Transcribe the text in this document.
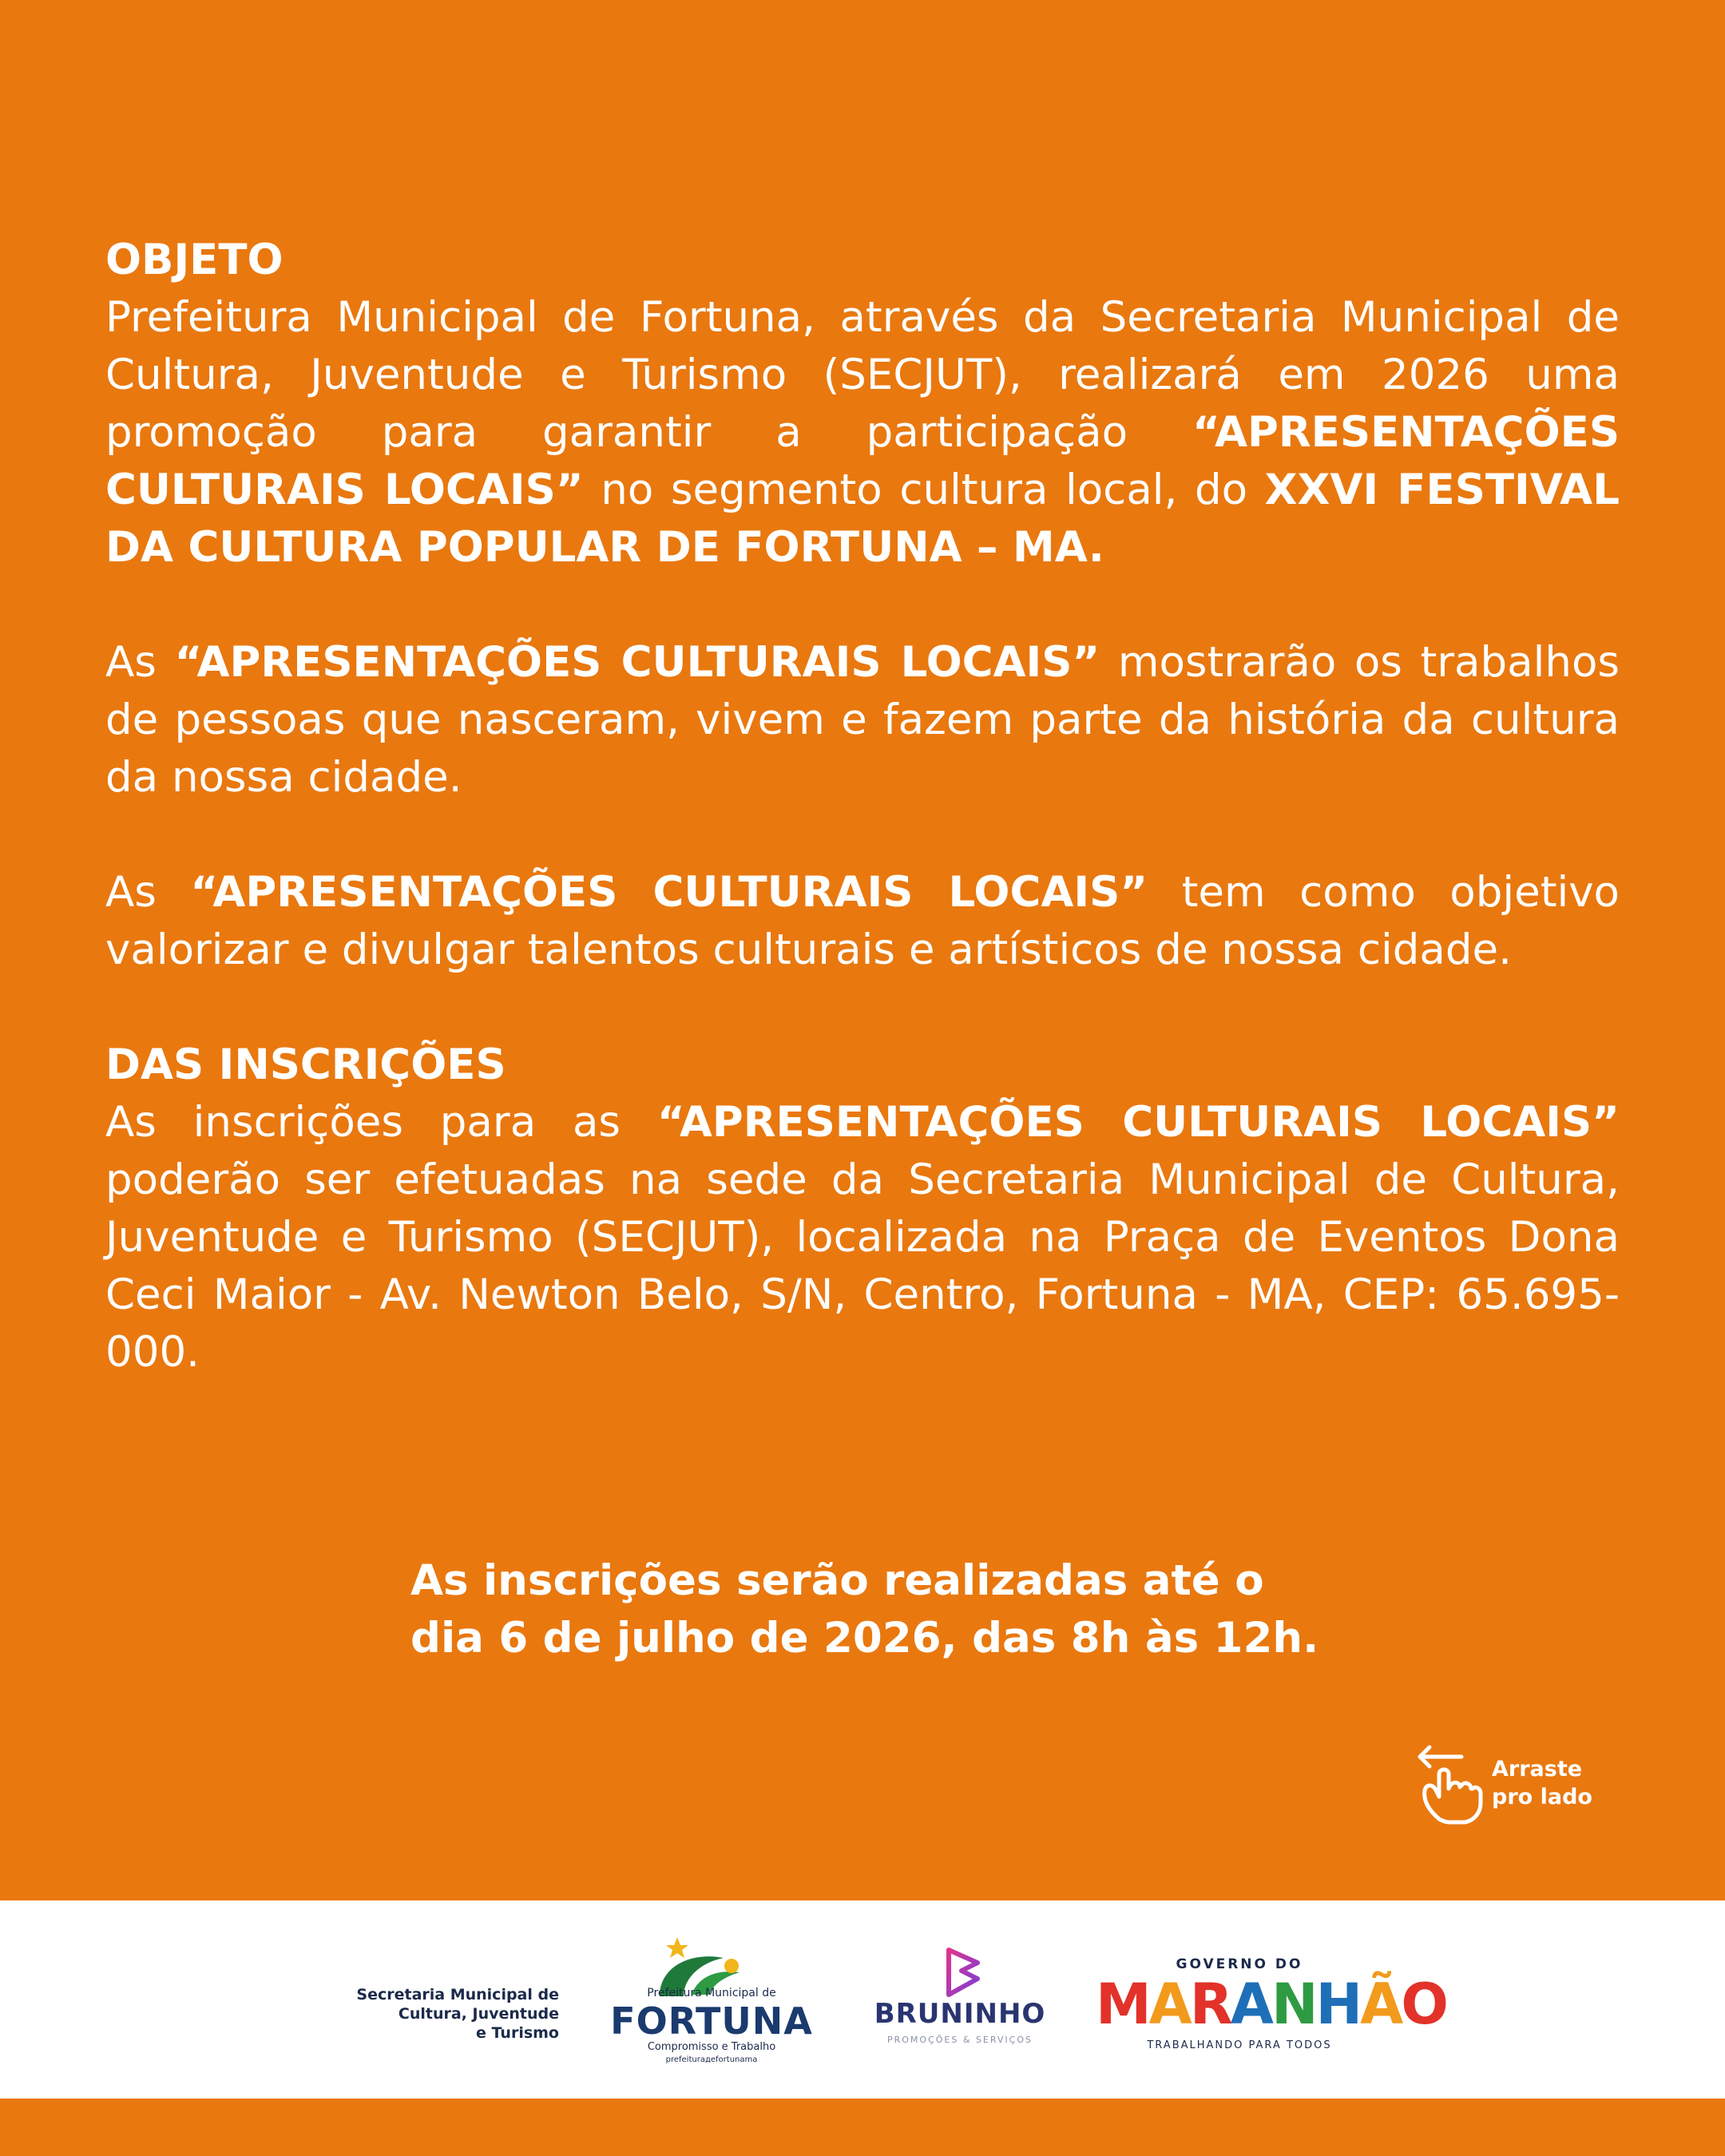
OBJETO

Prefeitura Municipal de Fortuna, através da Secretaria Municipal de Cultura, Juventude e Turismo (SECJUT), realizará em 2026 uma promoção para garantir a participação “APRESENTAÇÕES CULTURAIS LOCAIS” no segmento cultura local, do XXVI FESTIVAL DA CULTURA POPULAR DE FORTUNA – MA.

As “APRESENTAÇÕES CULTURAIS LOCAIS” mostrarão os trabalhos de pessoas que nasceram, vivem e fazem parte da história da cultura da nossa cidade.

As “APRESENTAÇÕES CULTURAIS LOCAIS” tem como objetivo valorizar e divulgar talentos culturais e artísticos de nossa cidade.

DAS INSCRIÇÕES

As inscrições para as “APRESENTAÇÕES CULTURAIS LOCAIS” poderão ser efetuadas na sede da Secretaria Municipal de Cultura, Juventude e Turismo (SECJUT), localizada na Praça de Eventos Dona Ceci Maior - Av. Newton Belo, S/N, Centro, Fortuna - MA, CEP: 65.695-000.

As inscrições serão realizadas até o
dia 6 de julho de 2026, das 8h às 12h.

Arraste
pro lado
Secretaria Municipal de
Cultura, Juventude
e Turismo
Prefeitura Municipal de
FORTUNA
Compromisso e Trabalho
prefeiturадefortunama
BRUNINHO
PROMOÇÕES & SERVIÇOS
GOVERNO DO
MARANHÃO
TRABALHANDO PARA TODOS
